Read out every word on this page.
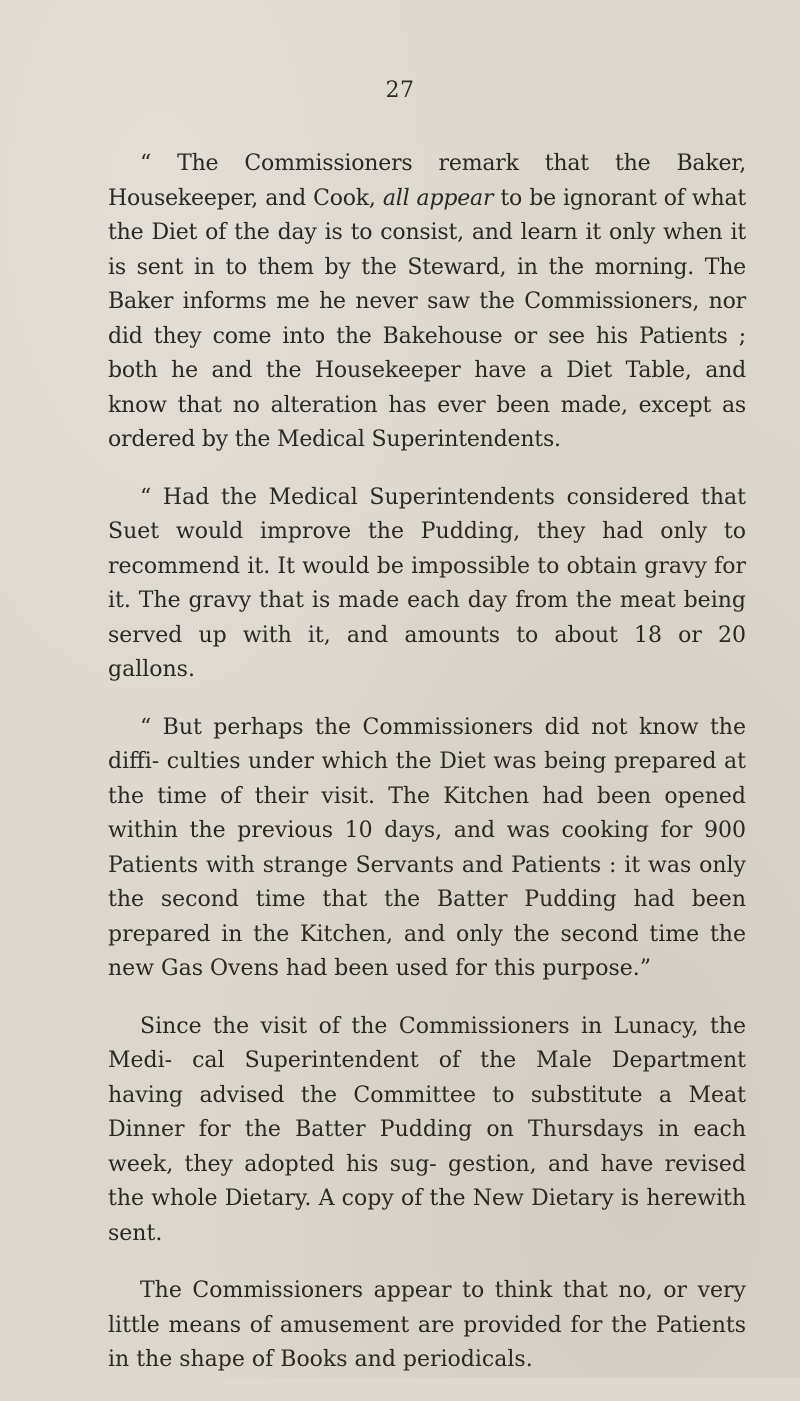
27

“ The Commissioners remark that the Baker, Housekeeper, and Cook, all appear to be ignorant of what the Diet of the day is to consist, and learn it only when it is sent in to them by the Steward, in the morning. The Baker informs me he never saw the Commissioners, nor did they come into the Bakehouse or see his Patients ; both he and the Housekeeper have a Diet Table, and know that no alteration has ever been made, except as ordered by the Medical Superintendents.

“ Had the Medical Superintendents considered that Suet would improve the Pudding, they had only to recommend it. It would be impossible to obtain gravy for it. The gravy that is made each day from the meat being served up with it, and amounts to about 18 or 20 gallons.

“ But perhaps the Commissioners did not know the diffi- culties under which the Diet was being prepared at the time of their visit. The Kitchen had been opened within the previous 10 days, and was cooking for 900 Patients with strange Servants and Patients : it was only the second time that the Batter Pudding had been prepared in the Kitchen, and only the second time the new Gas Ovens had been used for this purpose.”

Since the visit of the Commissioners in Lunacy, the Medi- cal Superintendent of the Male Department having advised the Committee to substitute a Meat Dinner for the Batter Pudding on Thursdays in each week, they adopted his sug- gestion, and have revised the whole Dietary. A copy of the New Dietary is herewith sent.

The Commissioners appear to think that no, or very little means of amusement are provided for the Patients in the shape of Books and periodicals.
